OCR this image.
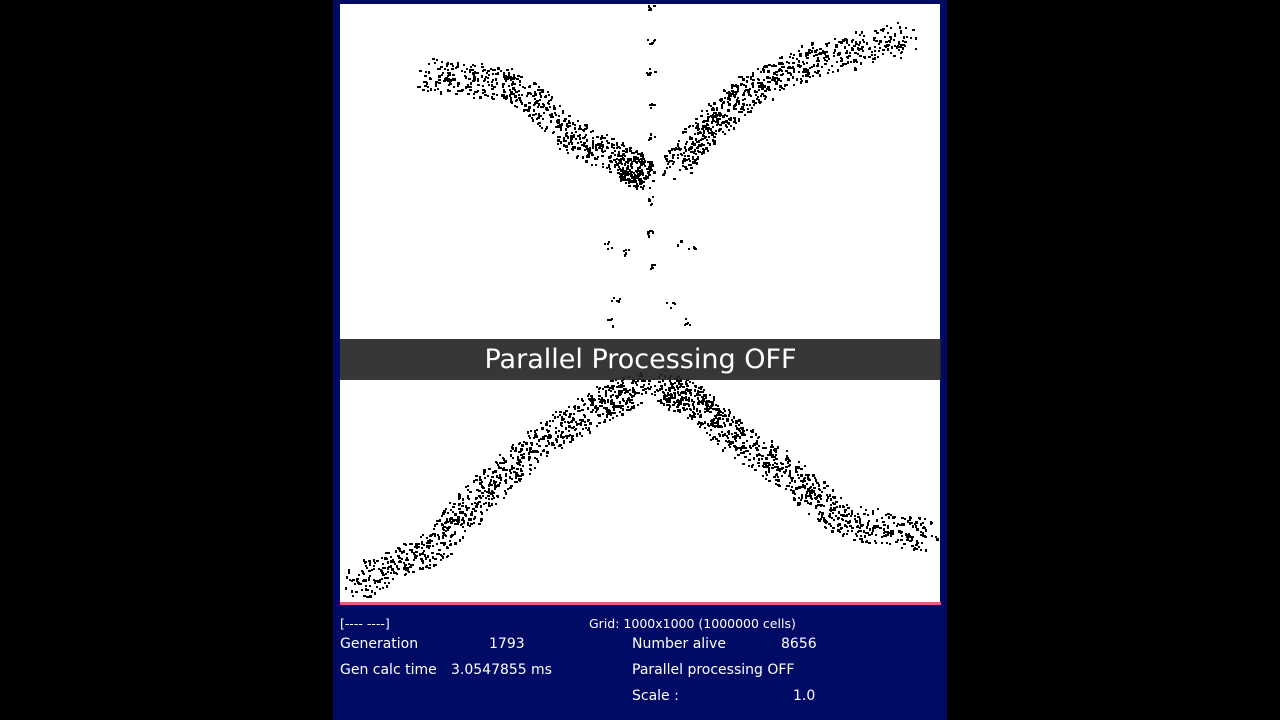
Parallel Processing OFF
[---- ----]	Grid: 1000x1000 (1000000 cells)
Generation	1793
Gen calc time 3.0547855 ms
Number alive	8656
Parallel processing OFF
Scale :	1.0
